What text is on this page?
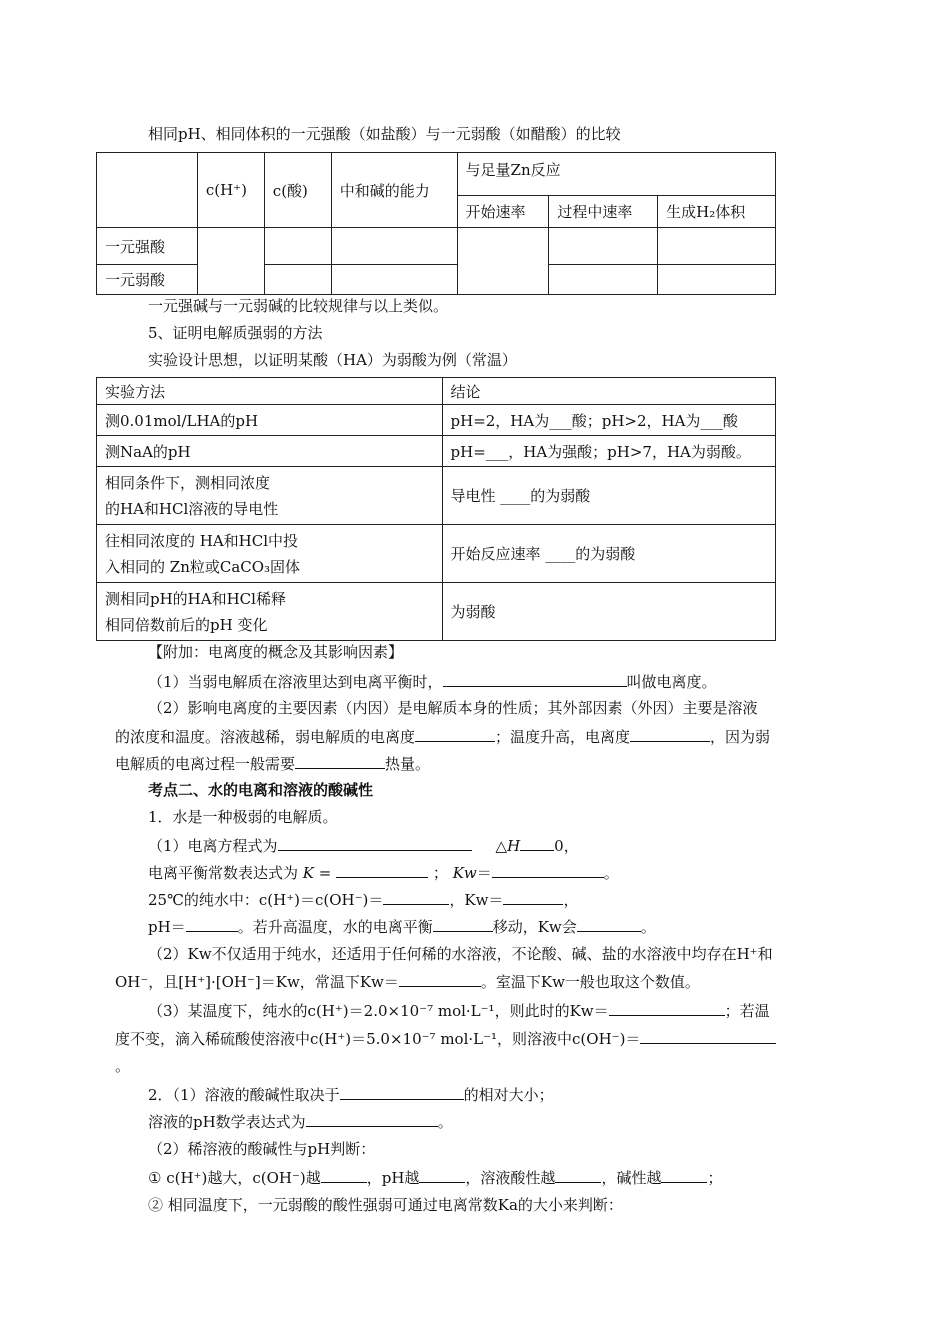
相同pH、相同体积的一元强酸（如盐酸）与一元弱酸（如醋酸）的比较
	c(H⁺)	c(酸)	中和碱的能力	与足量Zn反应		
				开始速率	过程中速率	生成H₂体积
一元强酸						
一元弱酸						
一元强碱与一元弱碱的比较规律与以上类似。
5、证明电解质强弱的方法
实验设计思想，以证明某酸（HA）为弱酸为例（常温）
实验方法	结论
测0.01mol/LHA的pH	pH=2，HA为___酸；pH>2，HA为___酸
测NaA的pH	pH=___，HA为强酸；pH>7，HA为弱酸。

相同条件下，测相同浓度
的HA和HCl溶液的导电性	导电性 ____的为弱酸

往相同浓度的 HA和HCl中投
入相同的 Zn粒或CaCO₃固体	开始反应速率 ____的为弱酸

测相同pH的HA和HCl稀释
相同倍数前后的pH 变化	为弱酸
【附加：电离度的概念及其影响因素】
（1）当弱电解质在溶液里达到电离平衡时，	叫做电离度。
（2）影响电离度的主要因素（内因）是电解质本身的性质；其外部因素（外因）主要是溶液
的浓度和温度。溶液越稀，弱电解质的电离度	；温度升高，电离度	，因为弱
电解质的电离过程一般需要	热量。
考点二、水的电离和溶液的酸碱性
1．水是一种极弱的电解质。
（1）电离方程式为	△H 0，
电离平衡常数表达式为 K =	； Kw＝	。
25℃的纯水中：c(H⁺)＝c(OH⁻)＝	，Kw＝	，
pH＝	。若升高温度，水的电离平衡	移动，Kw会	。
（2）Kw不仅适用于纯水，还适用于任何稀的水溶液，不论酸、碱、盐的水溶液中均存在H⁺和
OH⁻，且[H⁺]·[OH⁻]＝Kw，常温下Kw＝	。室温下Kw一般也取这个数值。
（3）某温度下，纯水的c(H⁺)＝2.0×10⁻⁷ mol·L⁻¹，则此时的Kw＝	；若温
度不变，滴入稀硫酸使溶液中c(H⁺)＝5.0×10⁻⁷ mol·L⁻¹，则溶液中c(OH⁻)＝
。
2．（1）溶液的酸碱性取决于	的相对大小；
溶液的pH数学表达式为	。
（2）稀溶液的酸碱性与pH判断：
① c(H⁺)越大，c(OH⁻)越	，pH越	，溶液酸性越	，碱性越	；
② 相同温度下，一元弱酸的酸性强弱可通过电离常数Ka的大小来判断：
